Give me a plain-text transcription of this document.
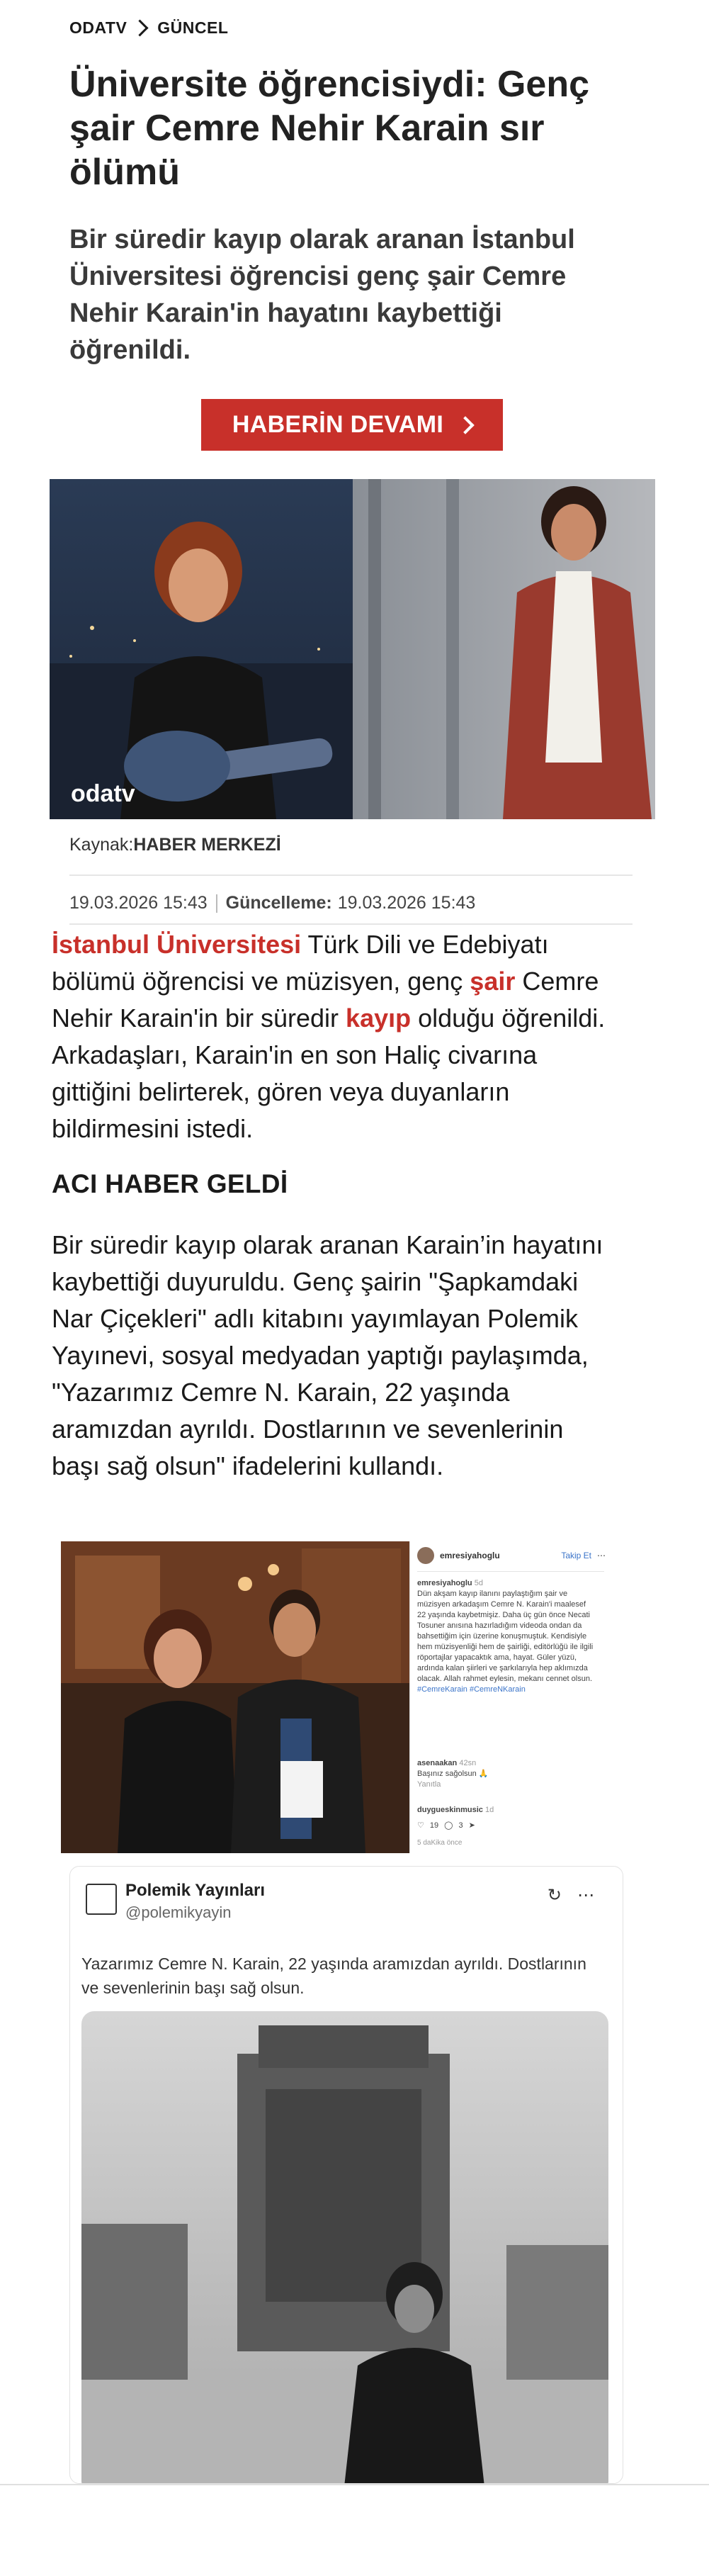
ODATV GÜNCEL
Üniversite öğrencisiydi: Genç şair Cemre Nehir Karain sır ölümü

Bir süredir kayıp olarak aranan İstanbul Üniversitesi öğrencisi genç şair Cemre Nehir Karain'in hayatını kaybettiği öğrenildi.

HABERİN DEVAMI
odatv
Kaynak:HABER MERKEZİ
19.03.2026 15:43 Güncelleme: 19.03.2026 15:43

İstanbul Üniversitesi Türk Dili ve Edebiyatı bölümü öğrencisi ve müzisyen, genç şair Cemre Nehir Karain'in bir süredir kayıp olduğu öğrenildi. Arkadaşları, Karain'in en son Haliç civarına gittiğini belirterek, gören veya duyanların bildirmesini istedi.

ACI HABER GELDİ

Bir süredir kayıp olarak aranan Karain’in hayatını kaybettiği duyuruldu. Genç şairin "Şapkamdaki Nar Çiçekleri" adlı kitabını yayımlayan Polemik Yayınevi, sosyal medyadan yaptığı paylaşımda, "Yazarımız Cemre N. Karain, 22 yaşında aramızdan ayrıldı. Dostlarının ve sevenlerinin başı sağ olsun" ifadelerini kullandı.

emresiyahoglu	Takip Et ⋯
emresiyahoglu 5d
Dün akşam kayıp ilanını paylaştığım şair ve müzisyen arkadaşım Cemre N. Karain'i maalesef 22 yaşında kaybetmişiz. Daha üç gün önce Necati Tosuner anısına hazırladığım videoda ondan da bahsettiğim için üzerine konuşmuştuk. Kendisiyle hem müzisyenliği hem de şairliği, editörlüğü ile ilgili röportajlar yapacaktık ama, hayat. Güler yüzü, ardında kalan şiirleri ve şarkılarıyla hep aklımızda olacak. Allah rahmet eylesin, mekanı cennet olsun. #CemreKarain #CemreNKarain
asenaakan 42sn
Başınız sağolsun 🙏
Yanıtla
duygueskinmusic 1d
♡ 19 ◯ 3 ➤
5 daKika önce
Polemik Yayınları
@polemikyayin
↻ ⋯

Yazarımız Cemre N. Karain, 22 yaşında aramızdan ayrıldı. Dostlarının ve sevenlerinin başı sağ olsun.
